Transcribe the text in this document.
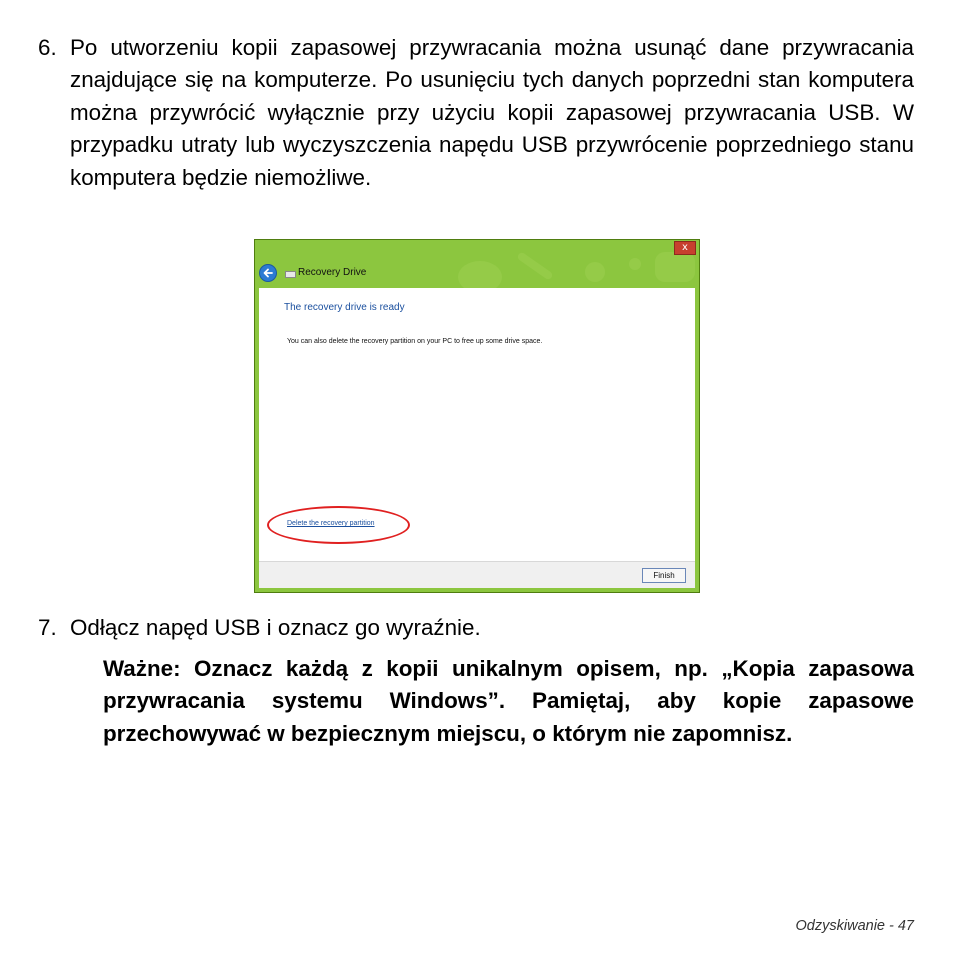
6. Po utworzeniu kopii zapasowej przywracania można usunąć dane przywracania znajdujące się na komputerze. Po usunięciu tych danych poprzedni stan komputera można przywrócić wyłącznie przy użyciu kopii zapasowej przywracania USB. W przypadku utraty lub wyczyszczenia napędu USB przywrócenie poprzedniego stanu komputera będzie niemożliwe.
x
Recovery Drive
The recovery drive is ready
You can also delete the recovery partition on your PC to free up some drive space.
Delete the recovery partition
Finish
7. Odłącz napęd USB i oznacz go wyraźnie.
Ważne: Oznacz każdą z kopii unikalnym opisem, np. „Kopia zapasowa przywracania systemu Windows”. Pamiętaj, aby kopie zapasowe przechowywać w bezpiecznym miejscu, o którym nie zapomnisz.
Odzyskiwanie - 47
